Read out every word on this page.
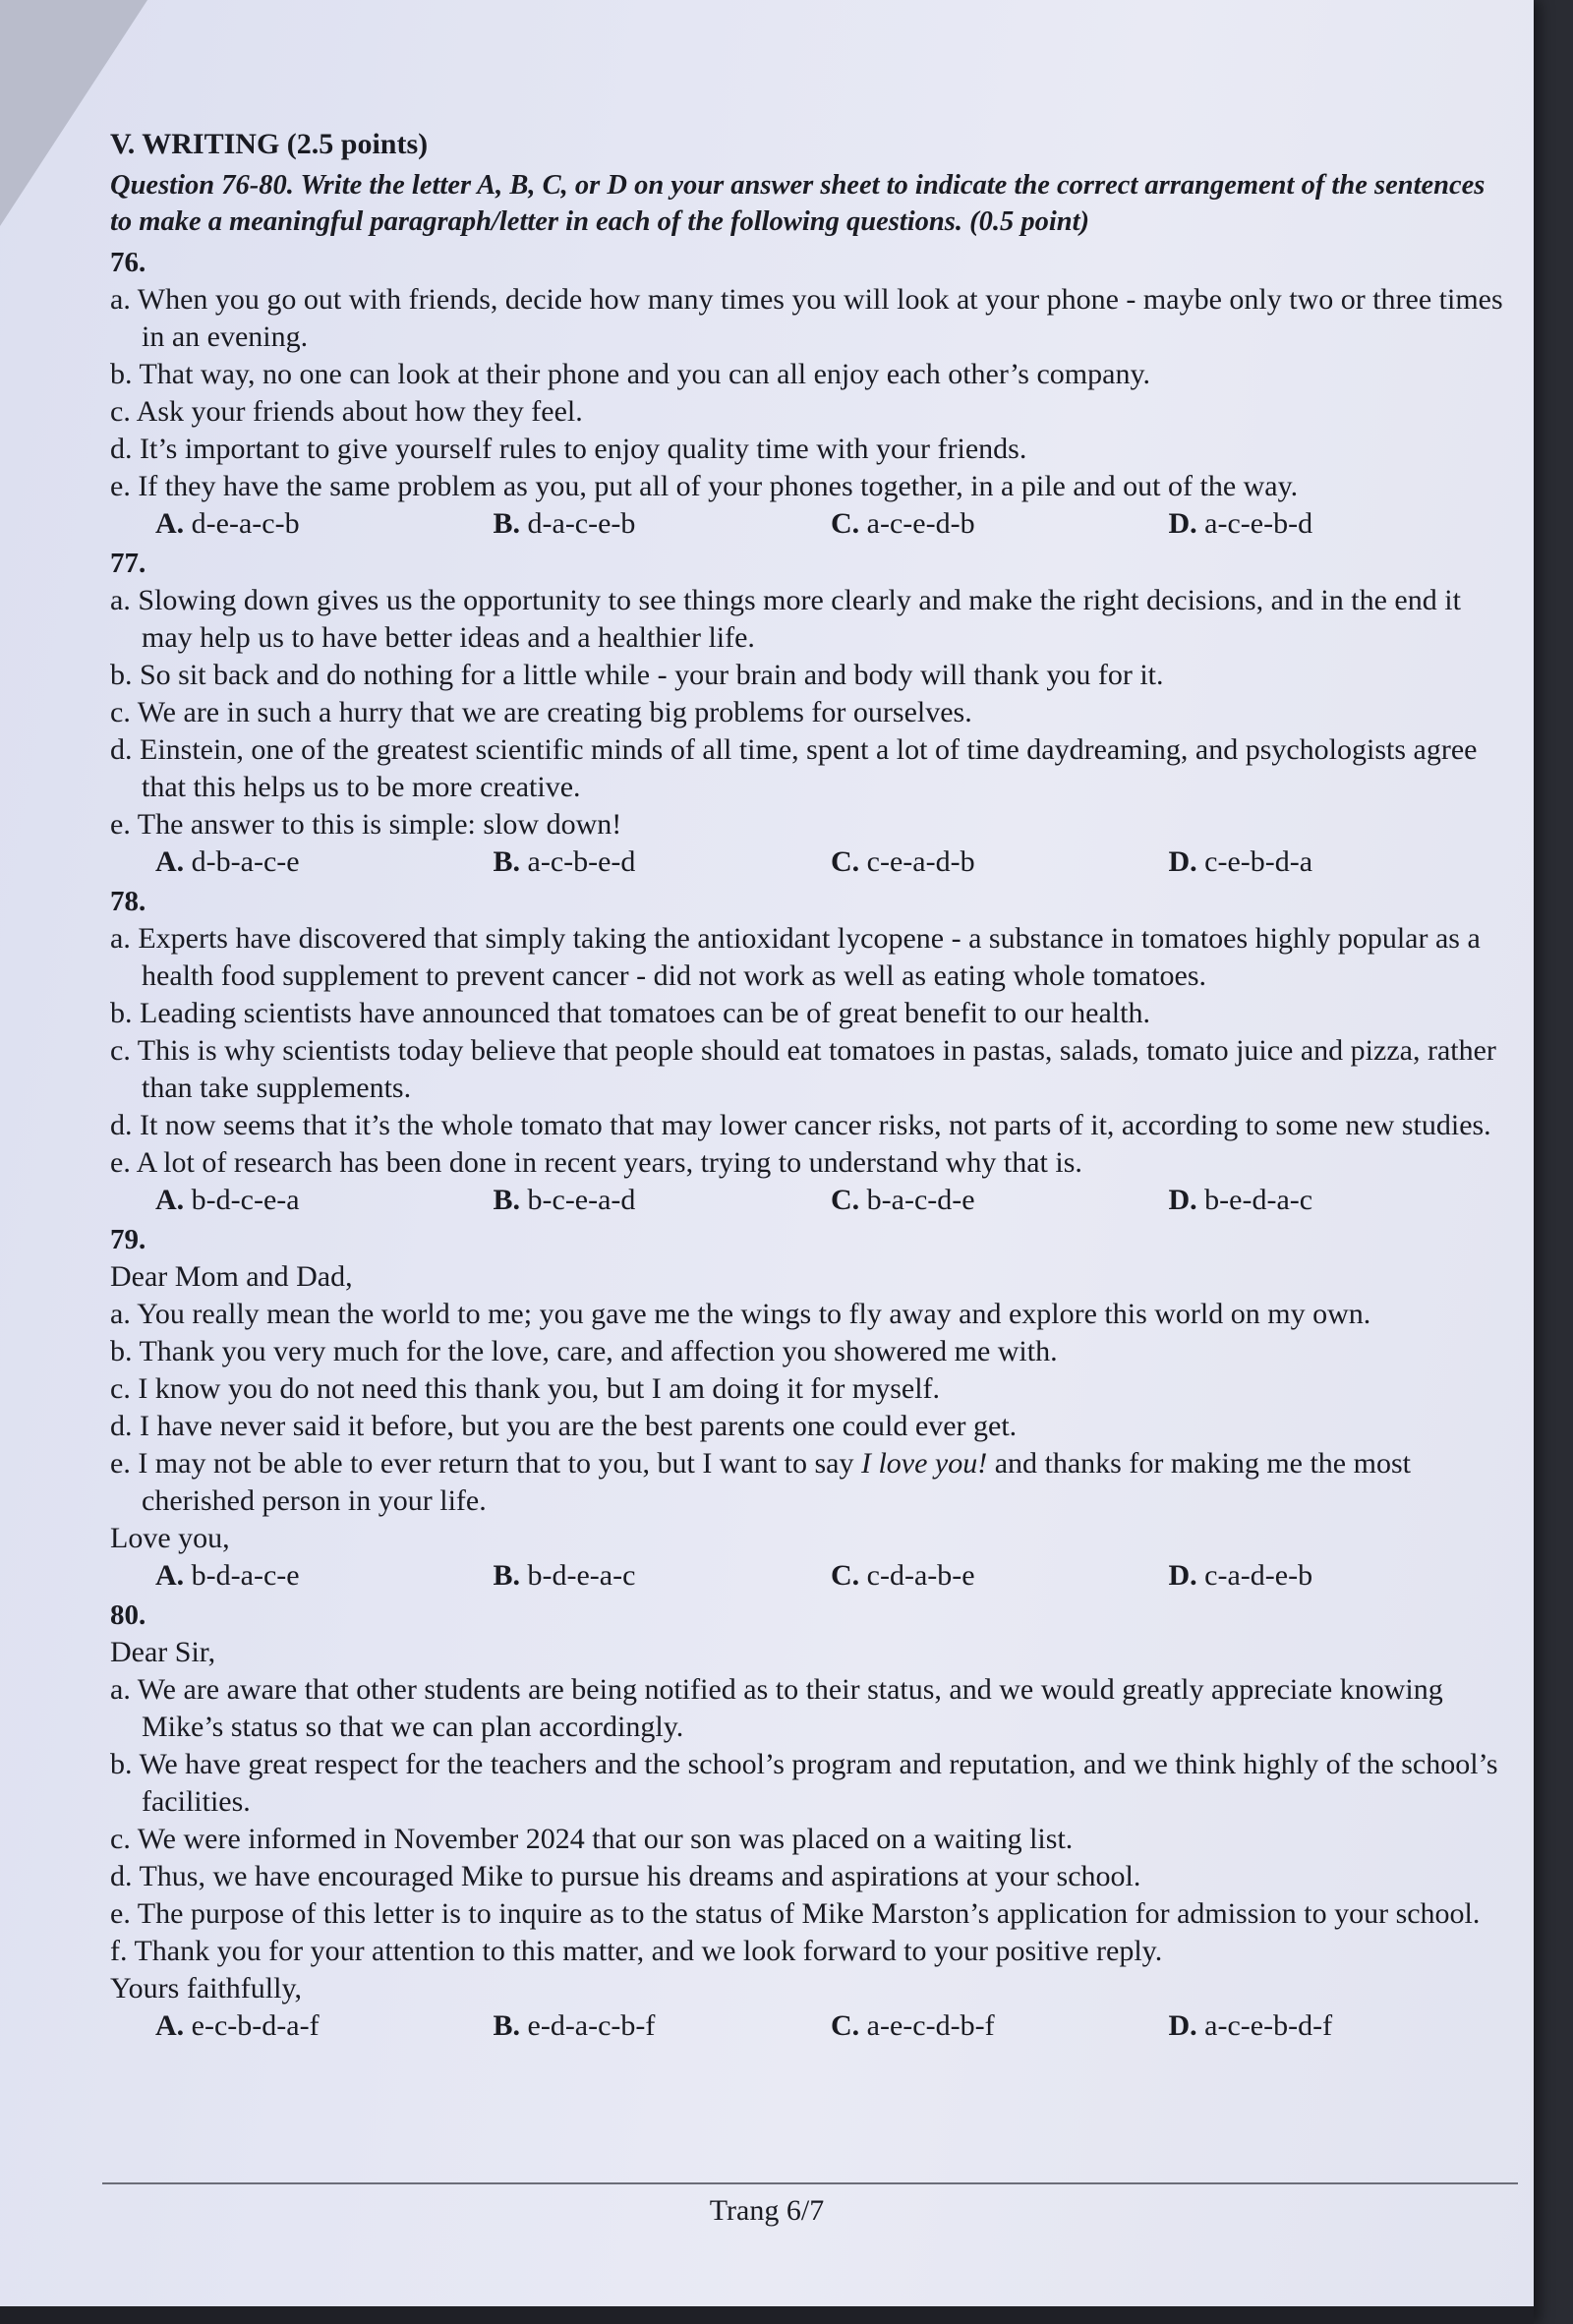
V. WRITING (2.5 points)
Question 76-80. Write the letter A, B, C, or D on your answer sheet to indicate the correct arrangement of the sentences to make a meaningful paragraph/letter in each of the following questions. (0.5 point)
76.
a. When you go out with friends, decide how many times you will look at your phone - maybe only two or three times in an evening.
b. That way, no one can look at their phone and you can all enjoy each other’s company.
c. Ask your friends about how they feel.
d. It’s important to give yourself rules to enjoy quality time with your friends.
e. If they have the same problem as you, put all of your phones together, in a pile and out of the way.
A. d-e-a-c-b	B. d-a-c-e-b	C. a-c-e-d-b	D. a-c-e-b-d
77.
a. Slowing down gives us the opportunity to see things more clearly and make the right decisions, and in the end it may help us to have better ideas and a healthier life.
b. So sit back and do nothing for a little while - your brain and body will thank you for it.
c. We are in such a hurry that we are creating big problems for ourselves.
d. Einstein, one of the greatest scientific minds of all time, spent a lot of time daydreaming, and psychologists agree that this helps us to be more creative.
e. The answer to this is simple: slow down!
A. d-b-a-c-e	B. a-c-b-e-d	C. c-e-a-d-b	D. c-e-b-d-a
78.
a. Experts have discovered that simply taking the antioxidant lycopene - a substance in tomatoes highly popular as a health food supplement to prevent cancer - did not work as well as eating whole tomatoes.
b. Leading scientists have announced that tomatoes can be of great benefit to our health.
c. This is why scientists today believe that people should eat tomatoes in pastas, salads, tomato juice and pizza, rather than take supplements.
d. It now seems that it’s the whole tomato that may lower cancer risks, not parts of it, according to some new studies.
e. A lot of research has been done in recent years, trying to understand why that is.
A. b-d-c-e-a	B. b-c-e-a-d	C. b-a-c-d-e	D. b-e-d-a-c
79.
Dear Mom and Dad,
a. You really mean the world to me; you gave me the wings to fly away and explore this world on my own.
b. Thank you very much for the love, care, and affection you showered me with.
c. I know you do not need this thank you, but I am doing it for myself.
d. I have never said it before, but you are the best parents one could ever get.
e. I may not be able to ever return that to you, but I want to say I love you! and thanks for making me the most cherished person in your life.
Love you,
A. b-d-a-c-e	B. b-d-e-a-c	C. c-d-a-b-e	D. c-a-d-e-b
80.
Dear Sir,
a. We are aware that other students are being notified as to their status, and we would greatly appreciate knowing Mike’s status so that we can plan accordingly.
b. We have great respect for the teachers and the school’s program and reputation, and we think highly of the school’s facilities.
c. We were informed in November 2024 that our son was placed on a waiting list.
d. Thus, we have encouraged Mike to pursue his dreams and aspirations at your school.
e. The purpose of this letter is to inquire as to the status of Mike Marston’s application for admission to your school.
f. Thank you for your attention to this matter, and we look forward to your positive reply.
Yours faithfully,
A. e-c-b-d-a-f	B. e-d-a-c-b-f	C. a-e-c-d-b-f	D. a-c-e-b-d-f
Trang 6/7
